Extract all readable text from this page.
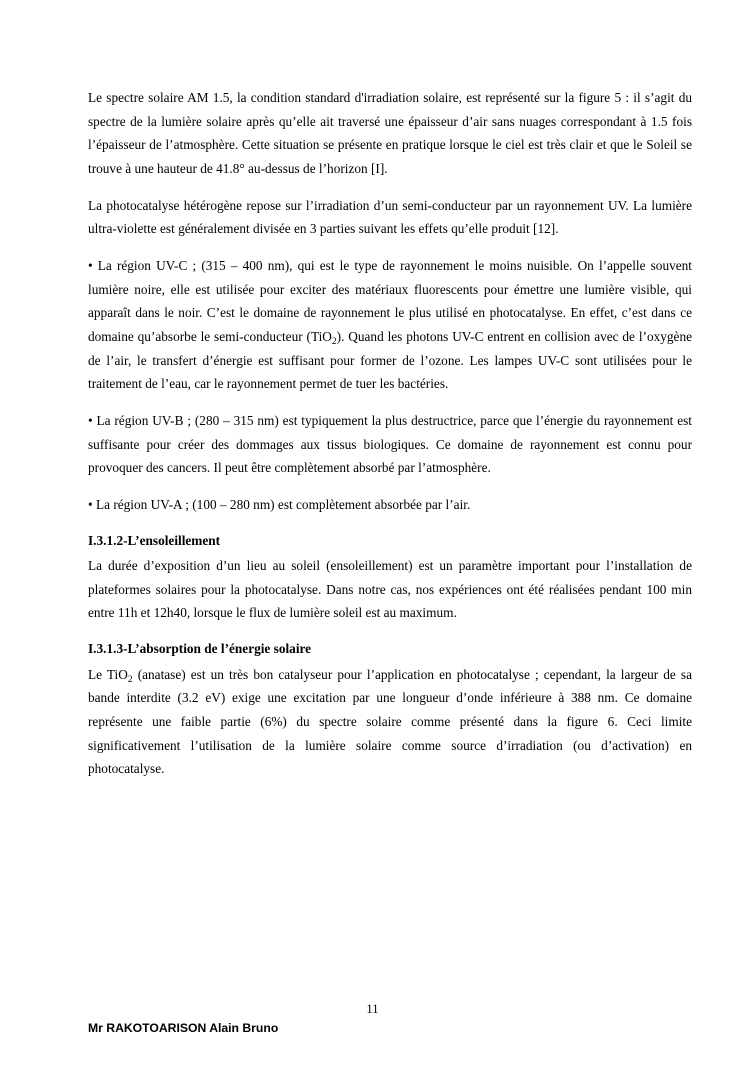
Le spectre solaire AM 1.5, la condition standard d'irradiation solaire, est représenté sur la figure 5 : il s’agit du spectre de la lumière solaire après qu’elle ait traversé une épaisseur d’air sans nuages correspondant à 1.5 fois l’épaisseur de l’atmosphère. Cette situation se présente en pratique lorsque le ciel est très clair et que le Soleil se trouve à une hauteur de 41.8° au-dessus de l’horizon [I].

La photocatalyse hétérogène repose sur l’irradiation d’un semi-conducteur par un rayonnement UV. La lumière ultra-violette est généralement divisée en 3 parties suivant les effets qu’elle produit [12].

• La région UV-C ; (315 – 400 nm), qui est le type de rayonnement le moins nuisible. On l’appelle souvent lumière noire, elle est utilisée pour exciter des matériaux fluorescents pour émettre une lumière visible, qui apparaît dans le noir. C’est le domaine de rayonnement le plus utilisé en photocatalyse. En effet, c’est dans ce domaine qu’absorbe le semi-conducteur (TiO$_2$). Quand les photons UV-C entrent en collision avec de l’oxygène de l’air, le transfert d’énergie est suffisant pour former de l’ozone. Les lampes UV-C sont utilisées pour le traitement de l’eau, car le rayonnement permet de tuer les bactéries.

• La région UV-B ; (280 – 315 nm) est typiquement la plus destructrice, parce que l’énergie du rayonnement est suffisante pour créer des dommages aux tissus biologiques. Ce domaine de rayonnement est connu pour provoquer des cancers. Il peut être complètement absorbé par l’atmosphère.

• La région UV-A ; (100 – 280 nm) est complètement absorbée par l’air.

I.3.1.2-L’ensoleillement

La durée d’exposition d’un lieu au soleil (ensoleillement) est un paramètre important pour l’installation de plateformes solaires pour la photocatalyse. Dans notre cas, nos expériences ont été réalisées pendant 100 min entre 11h et 12h40, lorsque le flux de lumière soleil est au maximum.

I.3.1.3-L’absorption de l’énergie solaire

Le TiO$_2$ (anatase) est un très bon catalyseur pour l’application en photocatalyse ; cependant, la largeur de sa bande interdite (3.2 eV) exige une excitation par une longueur d’onde inférieure à 388 nm. Ce domaine représente une faible partie (6%) du spectre solaire comme présenté dans la figure 6. Ceci limite significativement l’utilisation de la lumière solaire comme source d’irradiation (ou d’activation) en photocatalyse.

11
Mr RAKOTOARISON Alain Bruno
